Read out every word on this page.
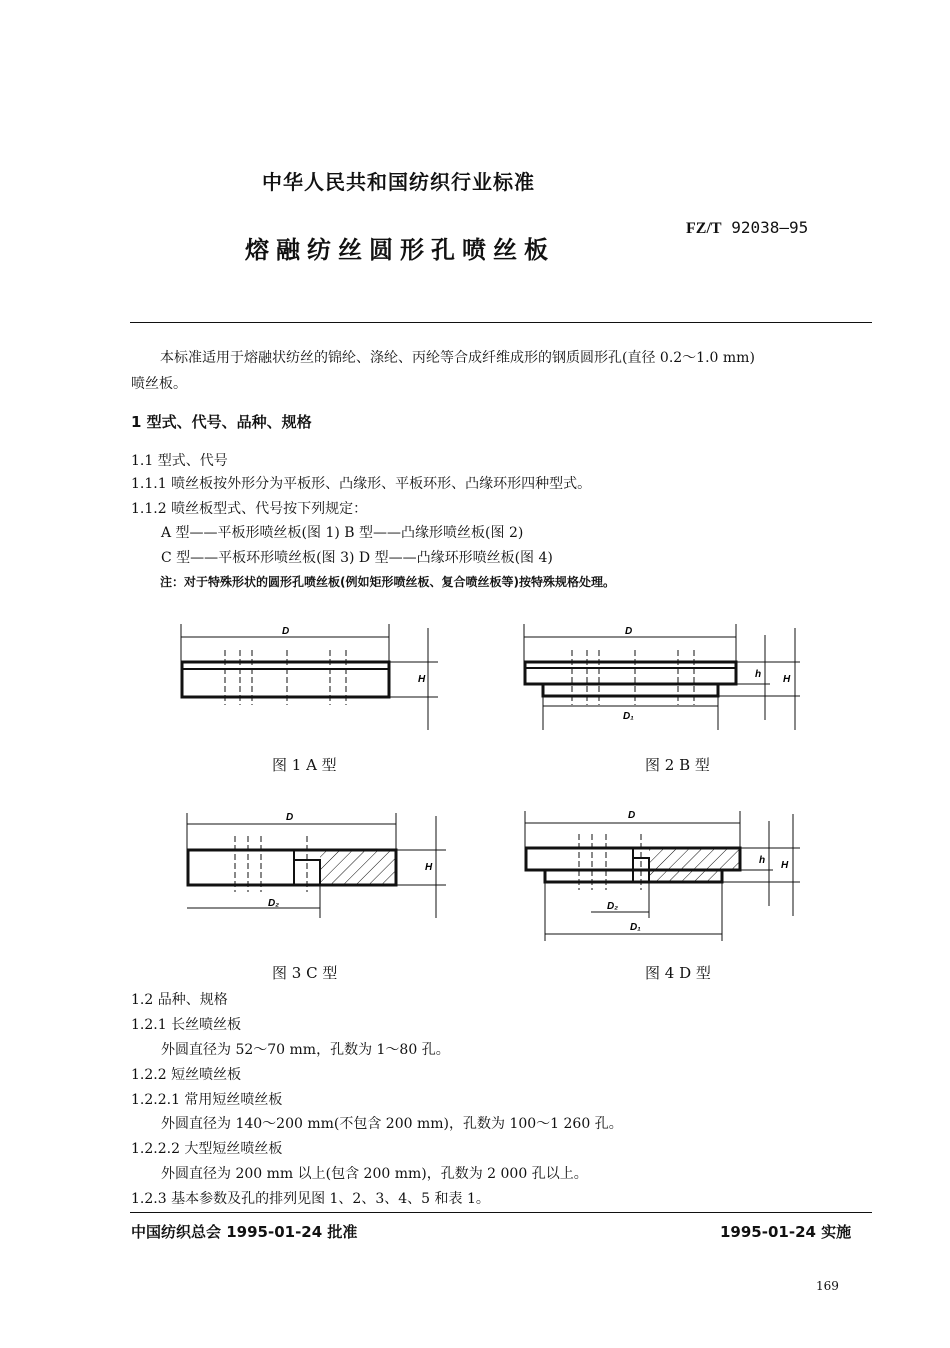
中华人民共和国纺织行业标准
熔融纺丝圆形孔喷丝板
FZ/T 92038—95
本标准适用于熔融状纺丝的锦纶、涤纶、丙纶等合成纤维成形的钢质圆形孔(直径 0.2～1.0 mm)
喷丝板。
1 型式、代号、品种、规格
1.1 型式、代号
1.1.1 喷丝板按外形分为平板形、凸缘形、平板环形、凸缘环形四种型式。
1.1.2 喷丝板型式、代号按下列规定：
A 型——平板形喷丝板(图 1) B 型——凸缘形喷丝板(图 2)
C 型——平板环形喷丝板(图 3) D 型——凸缘环形喷丝板(图 4)
注：对于特殊形状的圆形孔喷丝板(例如矩形喷丝板、复合喷丝板等)按特殊规格处理。
D
H
图 1 A 型
D
D₁
h H
图 2 B 型
D
D₂
H
图 3 C 型
D
D₂
D₁
h H
图 4 D 型
1.2 品种、规格
1.2.1 长丝喷丝板
外圆直径为 52～70 mm，孔数为 1～80 孔。
1.2.2 短丝喷丝板
1.2.2.1 常用短丝喷丝板
外圆直径为 140～200 mm(不包含 200 mm)，孔数为 100～1 260 孔。
1.2.2.2 大型短丝喷丝板
外圆直径为 200 mm 以上(包含 200 mm)，孔数为 2 000 孔以上。
1.2.3 基本参数及孔的排列见图 1、2、3、4、5 和表 1。
中国纺织总会 1995-01-24 批准	1995-01-24 实施
169
